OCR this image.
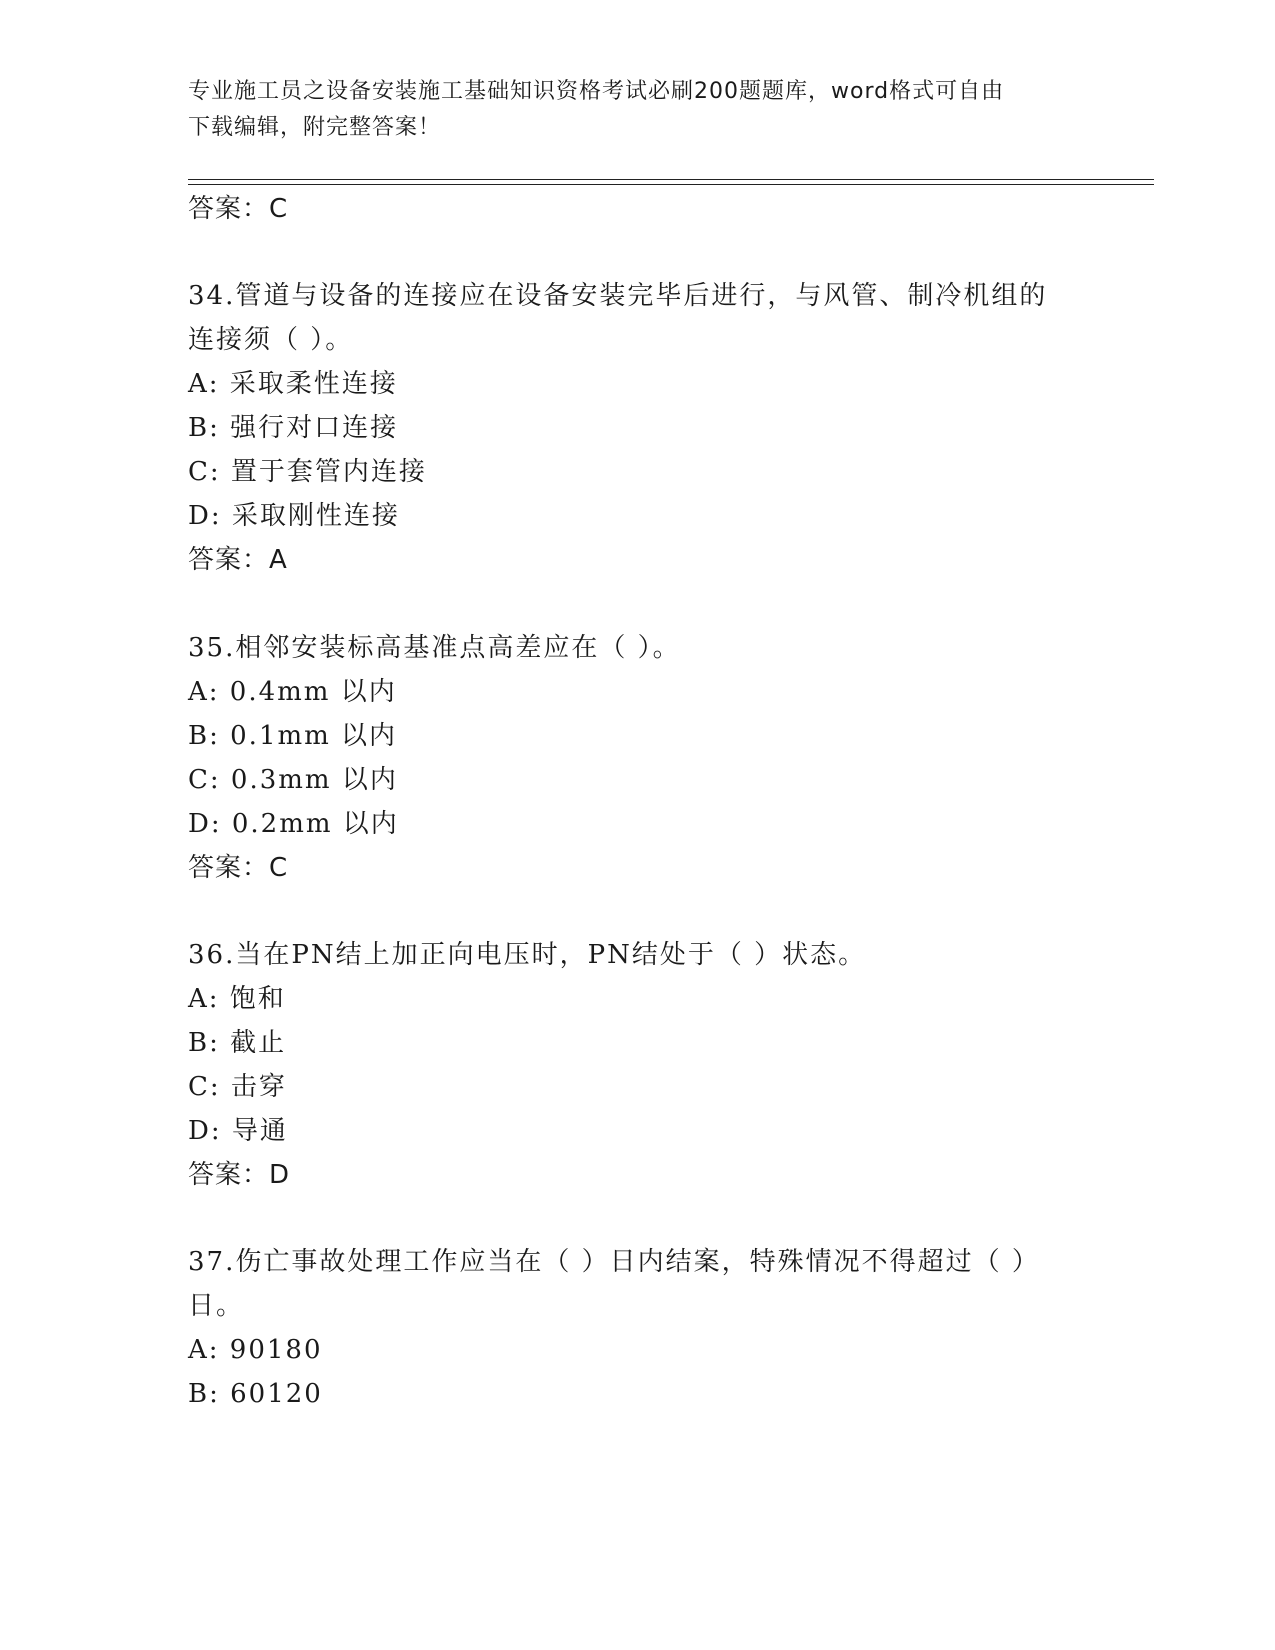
专业施工员之设备安装施工基础知识资格考试必刷200题题库，word格式可自由
下载编辑，附完整答案！
答案：C
34.管道与设备的连接应在设备安装完毕后进行，与风管、制冷机组的
连接须（ ）。
A: 采取柔性连接
B: 强行对口连接
C: 置于套管内连接
D: 采取刚性连接
答案：A
35.相邻安装标高基准点高差应在（ ）。
A: 0.4mm 以内
B: 0.1mm 以内
C: 0.3mm 以内
D: 0.2mm 以内
答案：C
36.当在PN结上加正向电压时，PN结处于（ ）状态。
A: 饱和
B: 截止
C: 击穿
D: 导通
答案：D
37.伤亡事故处理工作应当在（ ）日内结案，特殊情况不得超过（ ）
日。
A: 90180
B: 60120
